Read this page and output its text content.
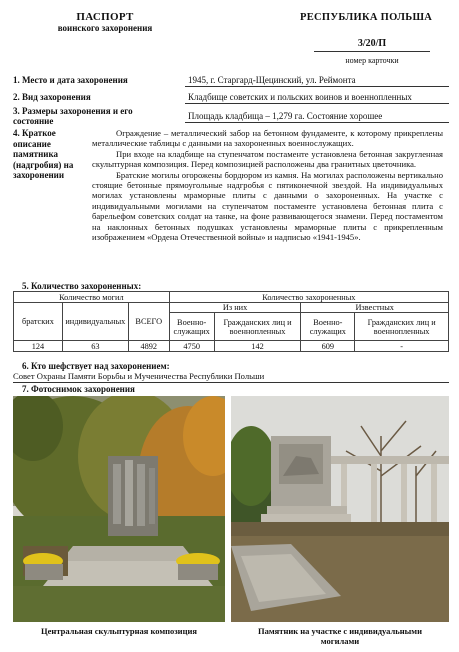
ПАСПОРТ
воинского захоронения
РЕСПУБЛИКА ПОЛЬША
3/20/П
номер карточки
1. Место и дата захоронения	1945, г. Старгард-Щецинский, ул. Реймонта
2. Вид захоронения	Кладбище советских и польских воинов и военнопленных
3. Размеры захоронения и его
состояние	Площадь кладбища – 1,279 га. Состояние хорошее
4. Краткое
описание
памятника
(надгробия) на
захоронении

Ограждение – металлический забор на бетонном фундаменте, к которому прикреплены металлические таблицы с данными на захороненных военнослужащих.

При входе на кладбище на ступенчатом постаменте установлена бетонная закругленная скульптурная композиция. Перед композицией расположены два гранитных цветочника.

Братские могилы огорожены бордюром из камня. На могилах расположены вертикально стоящие бетонные прямоугольные надгробья с пятиконечной звездой. На индивидуальных могилах установлены мраморные плиты с данными о захороненных. На участке с индивидуальными могилами на ступенчатом постаменте установлена бетонная плита с барельефом советских солдат на танке, на фоне развивающегося знамени. Перед постаментом на наклонных бетонных подушках установлены мраморные плиты с прикрепленным изображением «Ордена Отечественной войны» и надписью «1941-1945».

5. Количество захороненных:
Количество могил			Количество захороненных			
братских	индивидуальных	ВСЕГО	Из них		Известных	
			Военно-служащих	Гражданских лиц и военнопленных	Военно-служащих	Гражданских лиц и военнопленных
124	63	4892	4750	142	609	-
6. Кто шефствует над захоронением:
Совет Охраны Памяти Борьбы и Мученичества Республики Польши
7. Фотоснимок захоронения
Центральная скульптурная композиция	Памятник на участке с индивидуальными
могилами
